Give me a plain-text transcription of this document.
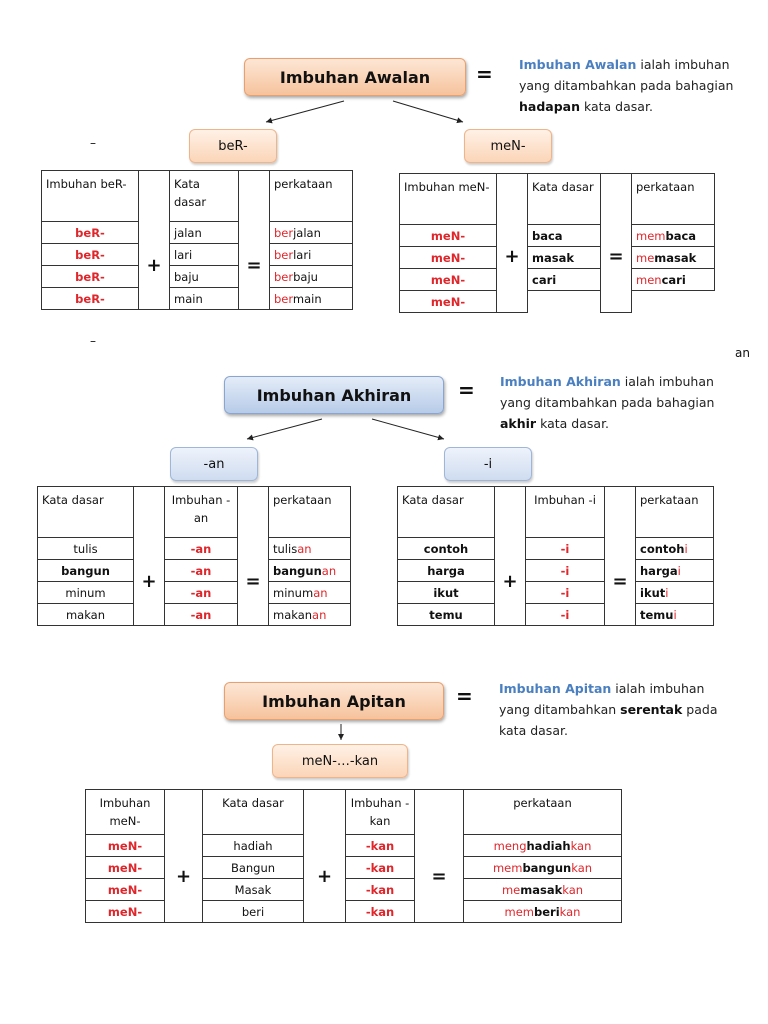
Imbuhan Awalan = Imbuhan Awalan ialah imbuhan yang ditambahkan pada bahagian hadapan kata dasar.
–	beR-	meN-
Imbuhan beR-	+	Kata dasar	=	perkataan
beR-		jalan		berjalan
beR-		lari		berlari
beR-		baju		berbaju
beR-		main		bermain
Imbuhan meN-	+	Kata dasar	=	perkataan
meN-		baca		membaca
meN-		masak		memasak
meN-		cari		mencari
meN-				
–
an
Imbuhan Akhiran = Imbuhan Akhiran ialah imbuhan yang ditambahkan pada bahagian akhir kata dasar.
-an	-i
Kata dasar	+	Imbuhan -an	=	perkataan
tulis		-an		tulisan
bangun		-an		bangunan
minum		-an		minuman
makan		-an		makanan
Kata dasar	+	Imbuhan -i	=	perkataan
contoh		-i		contohi
harga		-i		hargai
ikut		-i		ikuti
temu		-i		temui
Imbuhan Apitan	= Imbuhan Apitan ialah imbuhan yang ditambahkan serentak pada kata dasar.
meN-…-kan
Imbuhan meN-	+	Kata dasar	+	Imbuhan -kan	=	perkataan
meN-		hadiah		-kan		menghadiahkan
meN-		Bangun		-kan		membangunkan
meN-		Masak		-kan		memasakkan
meN-		beri		-kan		memberikan
